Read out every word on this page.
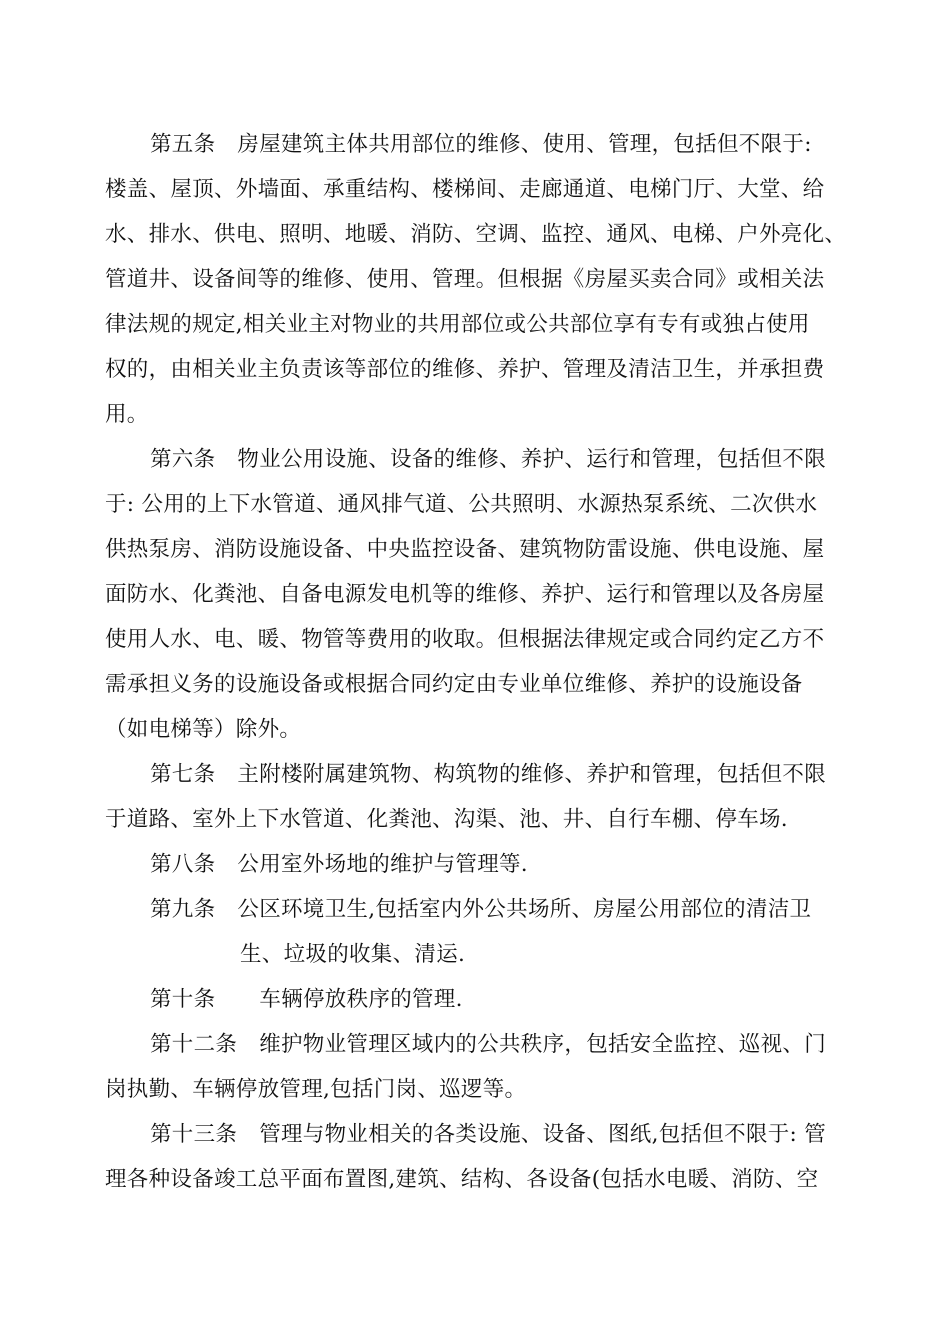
第五条 房屋建筑主体共用部位的维修、使用、管理，包括但不限于:
楼盖、屋顶、外墙面、承重结构、楼梯间、走廊通道、电梯门厅、大堂、给
水、排水、供电、照明、地暖、消防、空调、监控、通风、电梯、户外亮化、
管道井、设备间等的维修、使用、管理。但根据《房屋买卖合同》或相关法
律法规的规定,相关业主对物业的共用部位或公共部位享有专有或独占使用
权的，由相关业主负责该等部位的维修、养护、管理及清洁卫生，并承担费
用。
第六条 物业公用设施、设备的维修、养护、运行和管理，包括但不限
于: 公用的上下水管道、通风排气道、公共照明、水源热泵系统、二次供水
供热泵房、消防设施设备、中央监控设备、建筑物防雷设施、供电设施、屋
面防水、化粪池、自备电源发电机等的维修、养护、运行和管理以及各房屋
使用人水、电、暖、物管等费用的收取。但根据法律规定或合同约定乙方不
需承担义务的设施设备或根据合同约定由专业单位维修、养护的设施设备
（如电梯等）除外。
第七条 主附楼附属建筑物、构筑物的维修、养护和管理，包括但不限
于道路、室外上下水管道、化粪池、沟渠、池、井、自行车棚、停车场.
第八条 公用室外场地的维护与管理等.
第九条 公区环境卫生,包括室内外公共场所、房屋公用部位的清洁卫
生、垃圾的收集、清运.
第十条 车辆停放秩序的管理.
第十二条 维护物业管理区域内的公共秩序，包括安全监控、巡视、门
岗执勤、车辆停放管理,包括门岗、巡逻等。
第十三条 管理与物业相关的各类设施、设备、图纸,包括但不限于: 管
理各种设备竣工总平面布置图,建筑、结构、各设备(包括水电暖、消防、空
